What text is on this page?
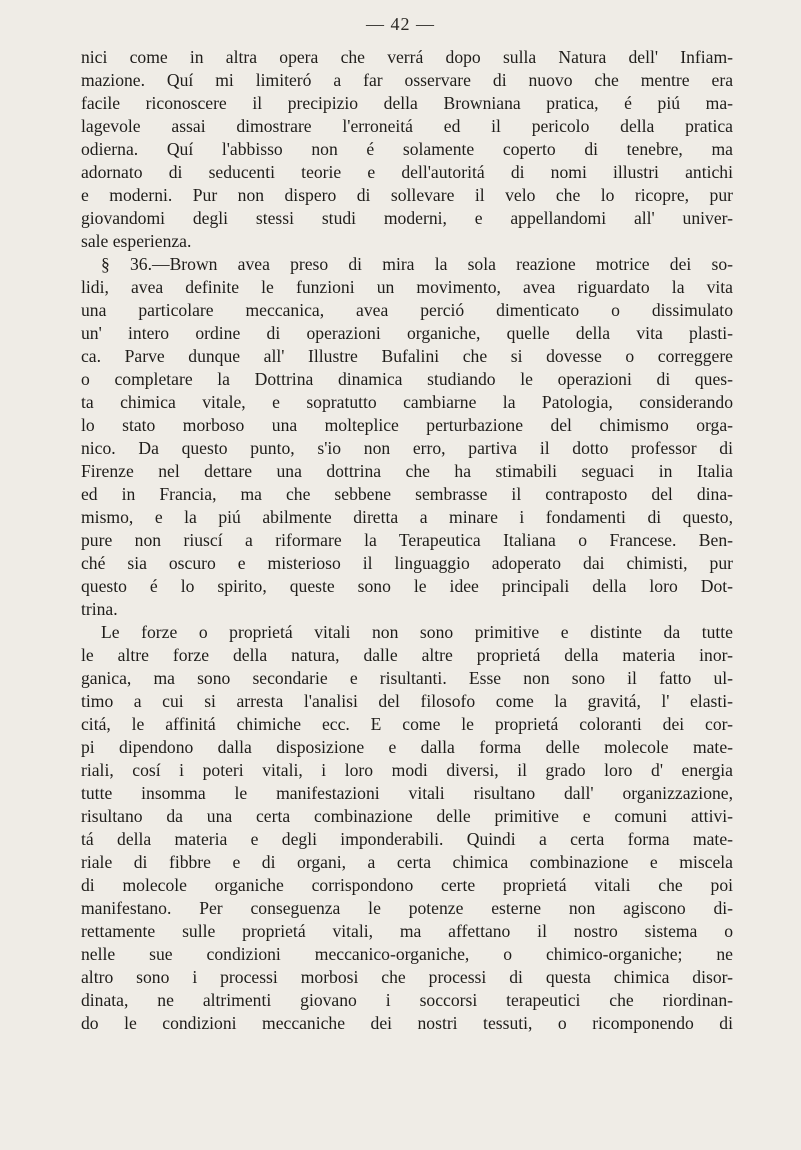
— 42 —
nici come in altra opera che verrá dopo sulla Natura dell' Infiam-
mazione. Quí mi limiteró a far osservare di nuovo che mentre era
facile riconoscere il precipizio della Browniana pratica, é piú ma-
lagevole assai dimostrare l'erroneitá ed il pericolo della pratica
odierna. Quí l'abbisso non é solamente coperto di tenebre, ma
adornato di seducenti teorie e dell'autoritá di nomi illustri antichi
e moderni. Pur non dispero di sollevare il velo che lo ricopre, pur
giovandomi degli stessi studi moderni, e appellandomi all' univer-
sale esperienza.
§ 36.—Brown avea preso di mira la sola reazione motrice dei so-
lidi, avea definite le funzioni un movimento, avea riguardato la vita
una particolare meccanica, avea perció dimenticato o dissimulato
un' intero ordine di operazioni organiche, quelle della vita plasti-
ca. Parve dunque all' Illustre Bufalini che si dovesse o correggere
o completare la Dottrina dinamica studiando le operazioni di ques-
ta chimica vitale, e sopratutto cambiarne la Patologia, considerando
lo stato morboso una molteplice perturbazione del chimismo orga-
nico. Da questo punto, s'io non erro, partiva il dotto professor di
Firenze nel dettare una dottrina che ha stimabili seguaci in Italia
ed in Francia, ma che sebbene sembrasse il contraposto del dina-
mismo, e la piú abilmente diretta a minare i fondamenti di questo,
pure non riuscí a riformare la Terapeutica Italiana o Francese. Ben-
ché sia oscuro e misterioso il linguaggio adoperato dai chimisti, pur
questo é lo spirito, queste sono le idee principali della loro Dot-
trina.
Le forze o proprietá vitali non sono primitive e distinte da tutte
le altre forze della natura, dalle altre proprietá della materia inor-
ganica, ma sono secondarie e risultanti. Esse non sono il fatto ul-
timo a cui si arresta l'analisi del filosofo come la gravitá, l' elasti-
citá, le affinitá chimiche ecc. E come le proprietá coloranti dei cor-
pi dipendono dalla disposizione e dalla forma delle molecole mate-
riali, cosí i poteri vitali, i loro modi diversi, il grado loro d' energia
tutte insomma le manifestazioni vitali risultano dall' organizzazione,
risultano da una certa combinazione delle primitive e comuni attivi-
tá della materia e degli imponderabili. Quindi a certa forma mate-
riale di fibbre e di organi, a certa chimica combinazione e miscela
di molecole organiche corrispondono certe proprietá vitali che poi
manifestano. Per conseguenza le potenze esterne non agiscono di-
rettamente sulle proprietá vitali, ma affettano il nostro sistema o
nelle sue condizioni meccanico-organiche, o chimico-organiche; ne
altro sono i processi morbosi che processi di questa chimica disor-
dinata, ne altrimenti giovano i soccorsi terapeutici che riordinan-
do le condizioni meccaniche dei nostri tessuti, o ricomponendo di
